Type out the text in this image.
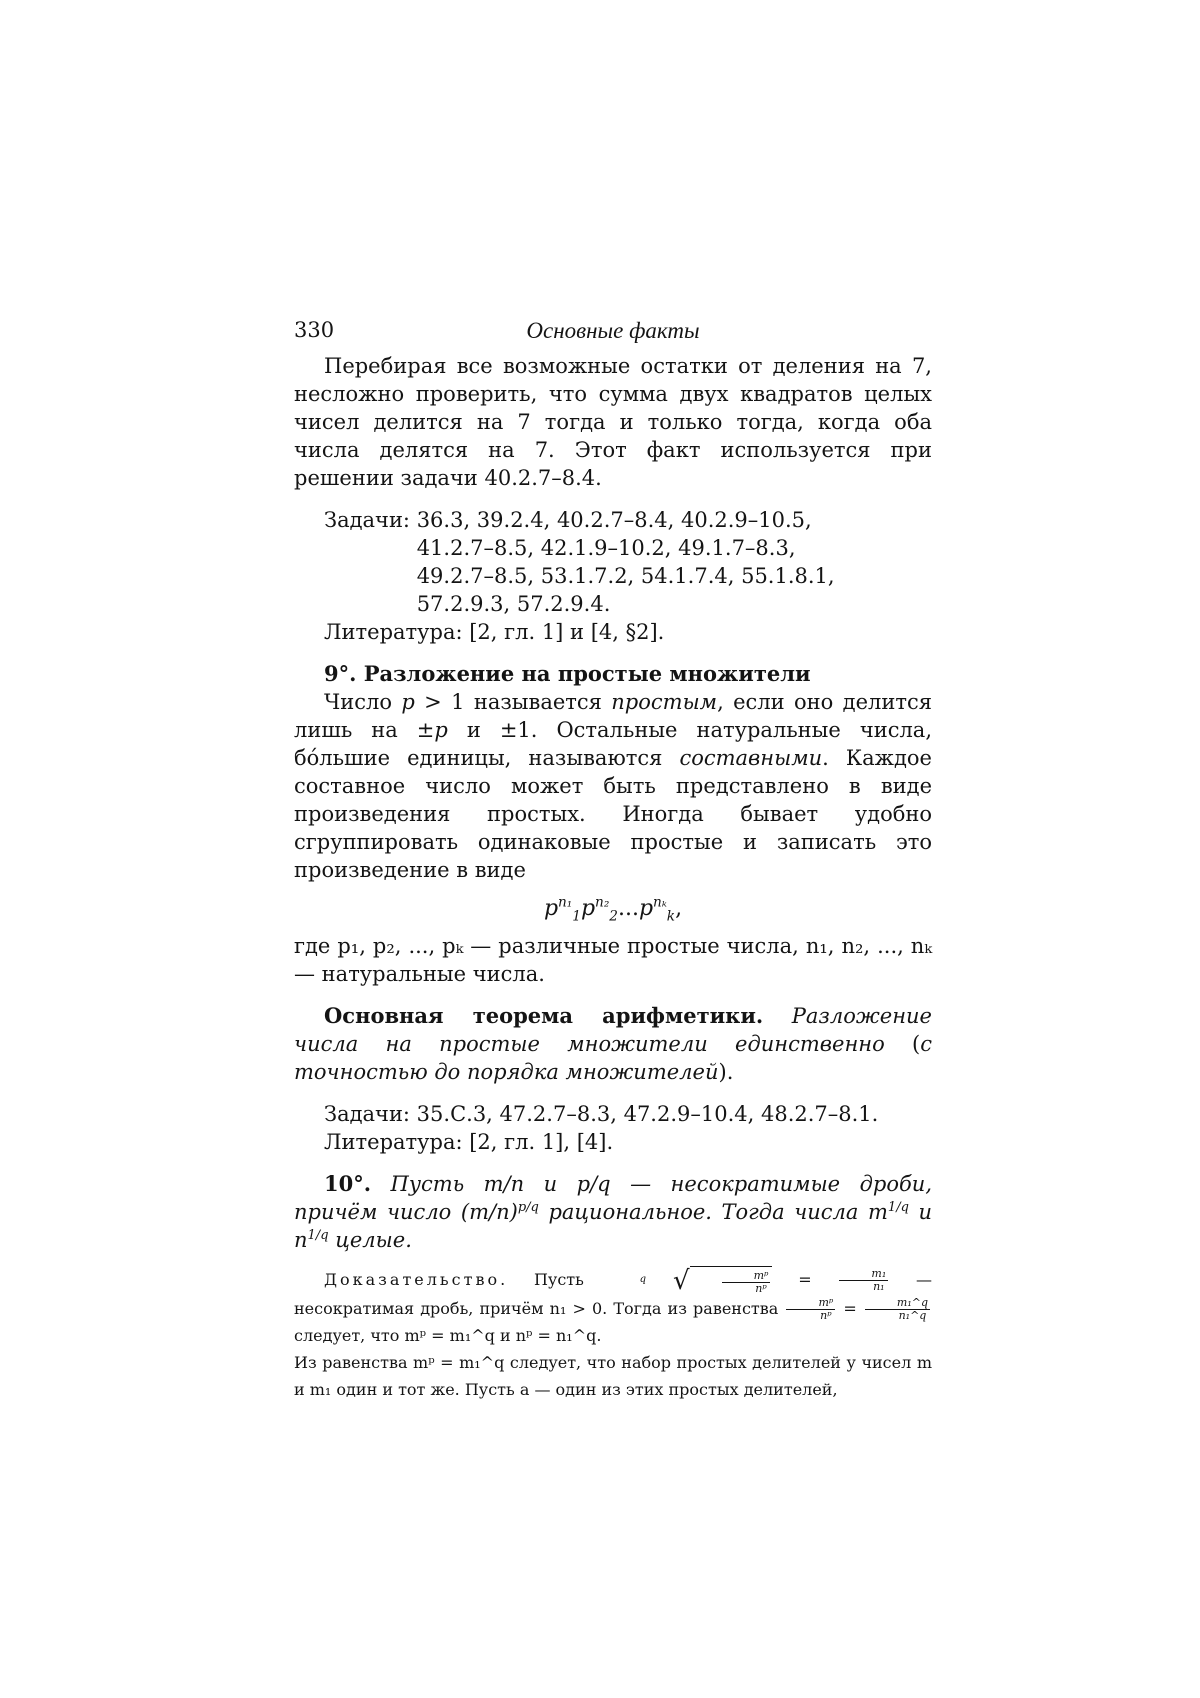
330	Основные факты

Перебирая все возможные остатки от деления на 7, несложно проверить, что сумма двух квадратов целых чисел делится на 7 тогда и только тогда, когда оба числа делятся на 7. Этот факт используется при решении задачи 40.2.7–8.4.

Задачи: 36.3, 39.2.4, 40.2.7–8.4, 40.2.9–10.5,
41.2.7–8.5, 42.1.9–10.2, 49.1.7–8.3,
49.2.7–8.5, 53.1.7.2, 54.1.7.4, 55.1.8.1,
57.2.9.3, 57.2.9.4.
Литература: [2, гл. 1] и [4, §2].
9°. Разложение на простые множители

Число p > 1 называется простым, если оно делится лишь на ±p и ±1. Остальные натуральные числа, бóльшие единицы, называются составными. Каждое составное число может быть представлено в виде произведения простых. Иногда бывает удобно сгруппировать одинаковые простые и записать это произведение в виде

pn₁1pn₂2...pnₖk,

где p₁, p₂, ..., pₖ — различные простые числа, n₁, n₂, ..., nₖ — натуральные числа.

Основная теорема арифметики. Разложение числа на простые множители единственно (с точностью до порядка множителей).

Задачи: 35.С.3, 47.2.7–8.3, 47.2.9–10.4, 48.2.7–8.1.
Литература: [2, гл. 1], [4].

10°. Пусть m/n и p/q — несократимые дроби, причём число (m/n)p/q рациональное. Тогда числа m1/q и n1/q целые.

Доказательство. Пусть	q	√	mᵖ
nᵖ =	m₁
n₁ — несократимая дробь, причём n₁ > 0. Тогда из равенства	mᵖ
nᵖ =	m₁^q
n₁^q
следует, что mᵖ = m₁^q и nᵖ = n₁^q.
Из равенства mᵖ = m₁^q следует, что набор простых делителей у чисел m и m₁ один и тот же. Пусть a — один из этих простых делителей,
